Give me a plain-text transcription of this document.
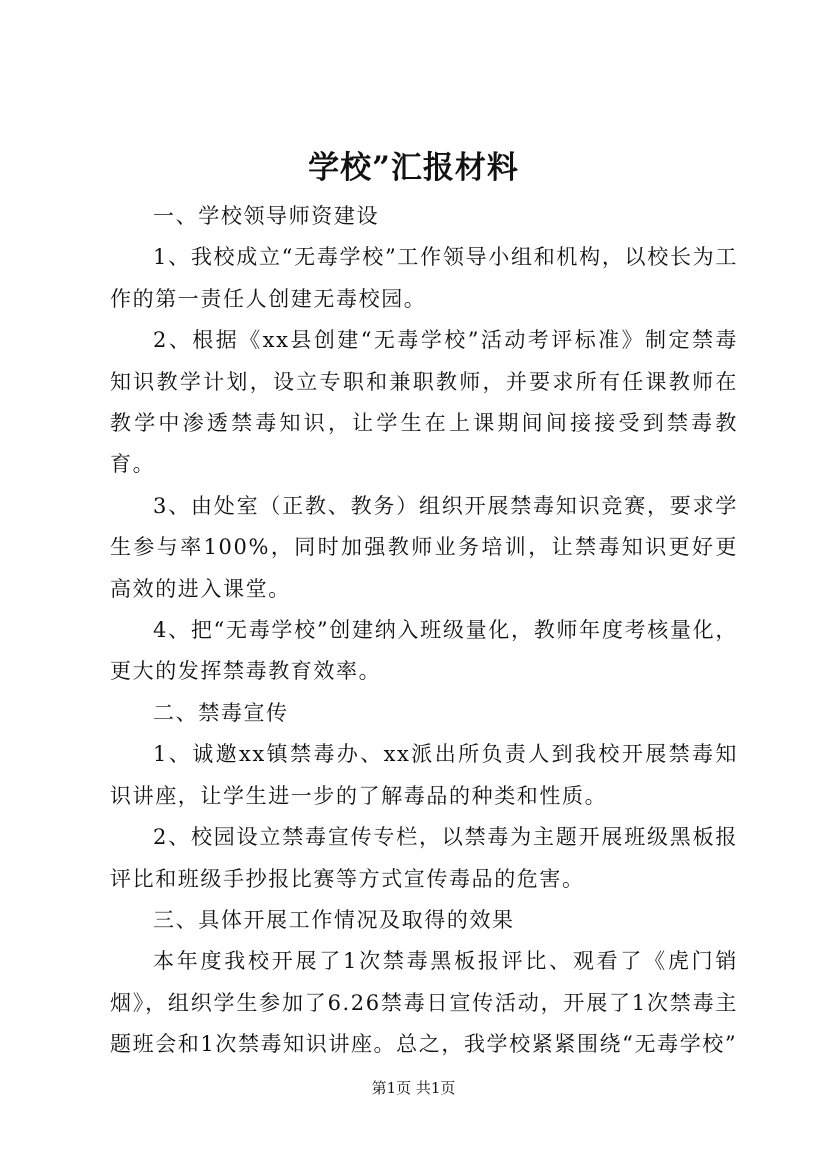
学校”汇报材料

一、学校领导师资建设

1、我校成立“无毒学校”工作领导小组和机构，以校长为工作的第一责任人创建无毒校园。

2、根据《xx县创建“无毒学校”活动考评标准》制定禁毒知识教学计划，设立专职和兼职教师，并要求所有任课教师在教学中渗透禁毒知识，让学生在上课期间间接接受到禁毒教育。

3、由处室（正教、教务）组织开展禁毒知识竞赛，要求学生参与率100%，同时加强教师业务培训，让禁毒知识更好更高效的进入课堂。

4、把“无毒学校”创建纳入班级量化，教师年度考核量化，更大的发挥禁毒教育效率。

二、禁毒宣传

1、诚邀xx镇禁毒办、xx派出所负责人到我校开展禁毒知识讲座，让学生进一步的了解毒品的种类和性质。

2、校园设立禁毒宣传专栏，以禁毒为主题开展班级黑板报评比和班级手抄报比赛等方式宣传毒品的危害。

三、具体开展工作情况及取得的效果

本年度我校开展了1次禁毒黑板报评比、观看了《虎门销烟》，组织学生参加了6.26禁毒日宣传活动，开展了1次禁毒主题班会和1次禁毒知识讲座。总之，我学校紧紧围绕“无毒学校”

第1页 共1页
